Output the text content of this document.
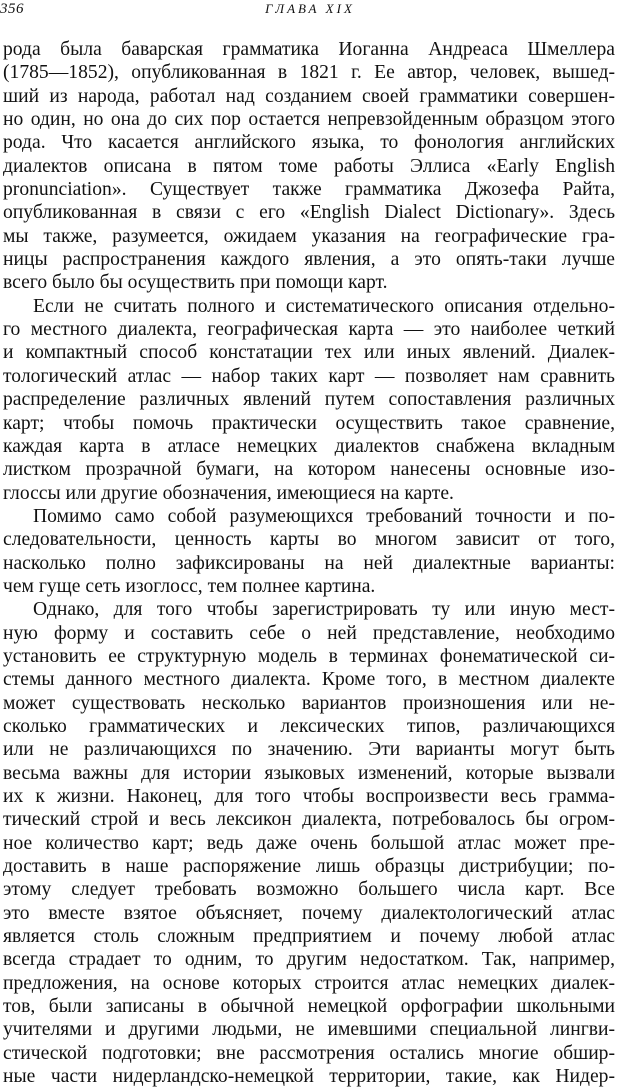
356	ГЛАВА XIX
рода была баварская грамматика Иоганна Андреаса Шмеллера
(1785—1852), опубликованная в 1821 г. Ее автор, человек, вышед-
ший из народа, работал над созданием своей грамматики совершен-
но один, но она до сих пор остается непревзойденным образцом этого
рода. Что касается английского языка, то фонология английских
диалектов описана в пятом томе работы Эллиса «Early English
pronunciation». Существует также грамматика Джозефа Райта,
опубликованная в связи с его «English Dialect Dictionary». Здесь
мы также, разумеется, ожидаем указания на географические гра-
ницы распространения каждого явления, а это опять-таки лучше
всего было бы осуществить при помощи карт.
Если не считать полного и систематического описания отдельно-
го местного диалекта, географическая карта — это наиболее четкий
и компактный способ констатации тех или иных явлений. Диалек-
тологический атлас — набор таких карт — позволяет нам сравнить
распределение различных явлений путем сопоставления различных
карт; чтобы помочь практически осуществить такое сравнение,
каждая карта в атласе немецких диалектов снабжена вкладным
листком прозрачной бумаги, на котором нанесены основные изо-
глоссы или другие обозначения, имеющиеся на карте.
Помимо само собой разумеющихся требований точности и по-
следовательности, ценность карты во многом зависит от того,
насколько полно зафиксированы на ней диалектные варианты:
чем гуще сеть изоглосс, тем полнее картина.
Однако, для того чтобы зарегистрировать ту или иную мест-
ную форму и составить себе о ней представление, необходимо
установить ее структурную модель в терминах фонематической си-
стемы данного местного диалекта. Кроме того, в местном диалекте
может существовать несколько вариантов произношения или не-
сколько грамматических и лексических типов, различающихся
или не различающихся по значению. Эти варианты могут быть
весьма важны для истории языковых изменений, которые вызвали
их к жизни. Наконец, для того чтобы воспроизвести весь грамма-
тический строй и весь лексикон диалекта, потребовалось бы огром-
ное количество карт; ведь даже очень большой атлас может пре-
доставить в наше распоряжение лишь образцы дистрибуции; по-
этому следует требовать возможно большего числа карт. Все
это вместе взятое объясняет, почему диалектологический атлас
является столь сложным предприятием и почему любой атлас
всегда страдает то одним, то другим недостатком. Так, например,
предложения, на основе которых строится атлас немецких диалек-
тов, были записаны в обычной немецкой орфографии школьными
учителями и другими людьми, не имевшими специальной лингви-
стической подготовки; вне рассмотрения остались многие обшир-
ные части нидерландско-немецкой территории, такие, как Нидер-
